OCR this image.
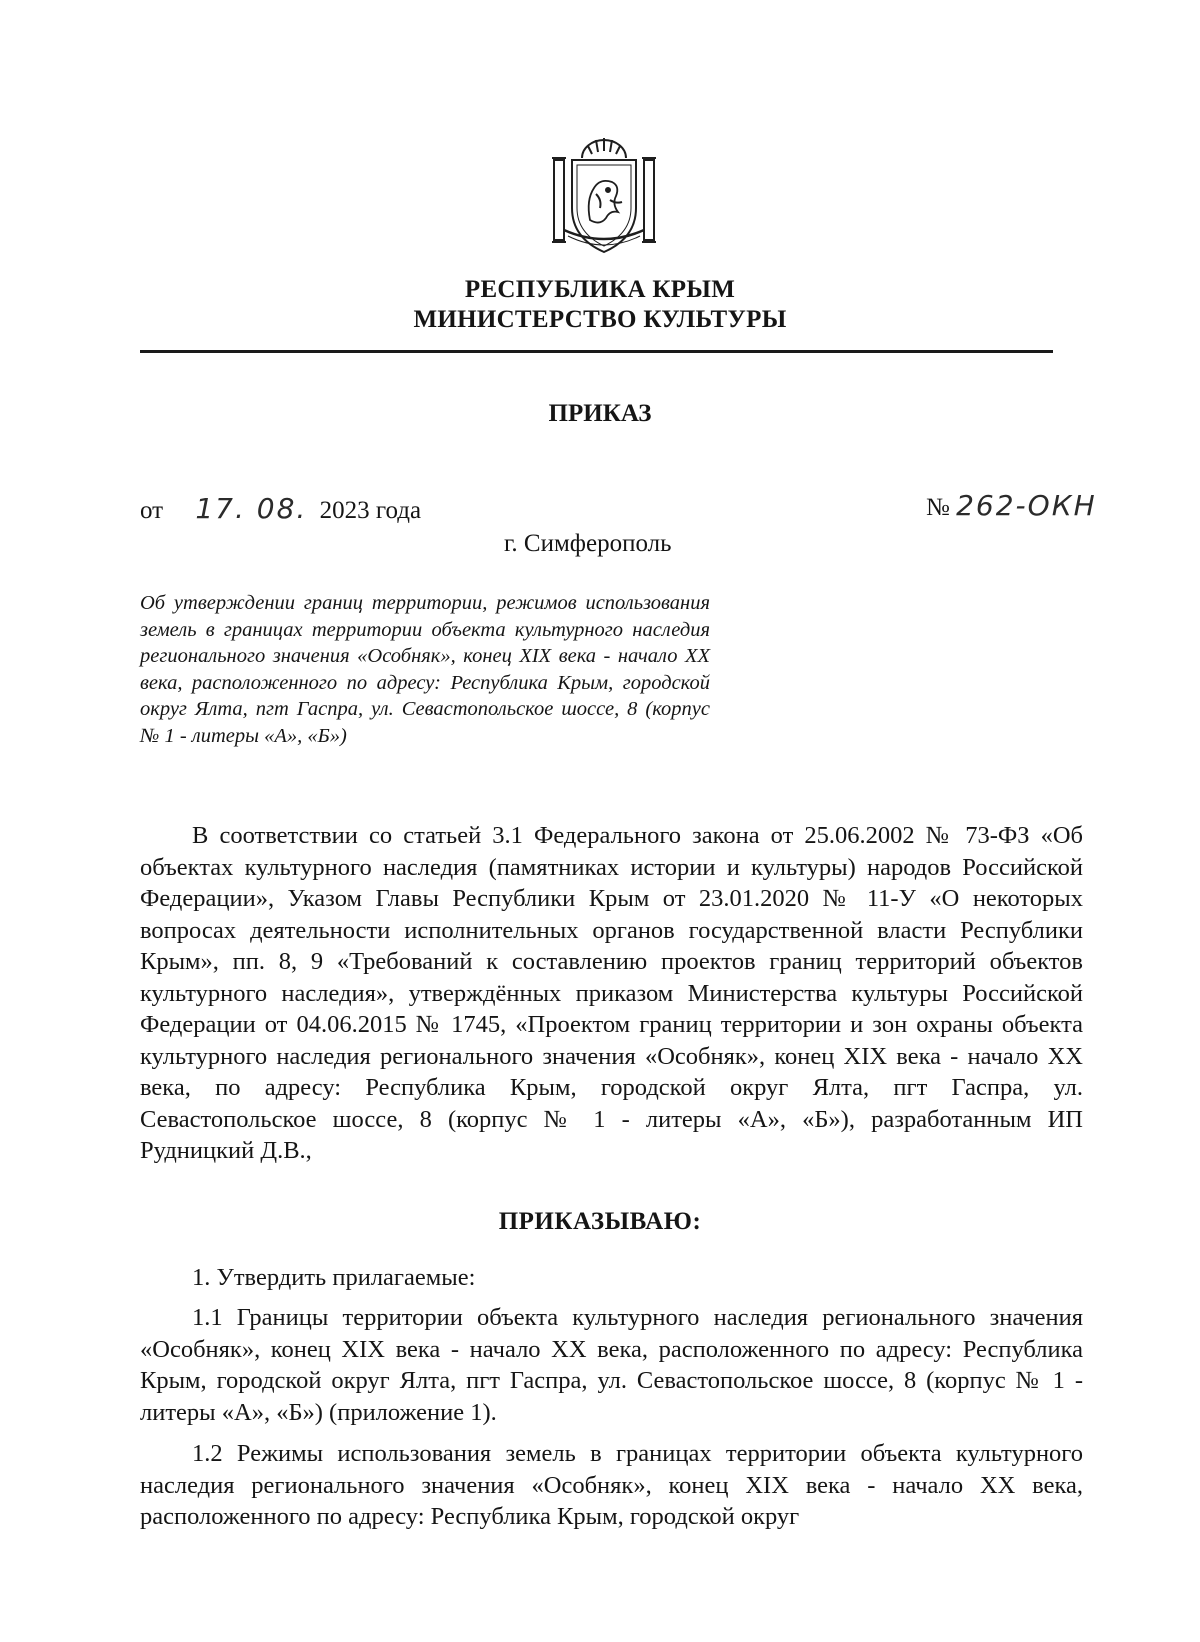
РЕСПУБЛИКА КРЫМ
МИНИСТЕРСТВО КУЛЬТУРЫ
ПРИКАЗ
от 17. 08. 2023 года	№ 262-ОКН
г. Симферополь
Об утверждении границ территории, режимов использования земель в границах территории объекта культурного наследия регионального значения «Особняк», конец XIX века - начало XX века, расположенного по адресу: Республика Крым, городской округ Ялта, пгт Гаспра, ул. Севастопольское шоссе, 8 (корпус № 1 - литеры «А», «Б»)

В соответствии со статьей 3.1 Федерального закона от 25.06.2002 № 73-ФЗ «Об объектах культурного наследия (памятниках истории и культуры) народов Российской Федерации», Указом Главы Республики Крым от 23.01.2020 № 11-У «О некоторых вопросах деятельности исполнительных органов государственной власти Республики Крым», пп. 8, 9 «Требований к составлению проектов границ территорий объектов культурного наследия», утверждённых приказом Министерства культуры Российской Федерации от 04.06.2015 № 1745, «Проектом границ территории и зон охраны объекта культурного наследия регионального значения «Особняк», конец XIX века - начало XX века, по адресу: Республика Крым, городской округ Ялта, пгт Гаспра, ул. Севастопольское шоссе, 8 (корпус № 1 - литеры «А», «Б»), разработанным ИП Рудницкий Д.В.,

ПРИКАЗЫВАЮ:
1. Утвердить прилагаемые:

1.1 Границы территории объекта культурного наследия регионального значения «Особняк», конец XIX века - начало XX века, расположенного по адресу: Республика Крым, городской округ Ялта, пгт Гаспра, ул. Севастопольское шоссе, 8 (корпус № 1 - литеры «А», «Б») (приложение 1).

1.2 Режимы использования земель в границах территории объекта культурного наследия регионального значения «Особняк», конец XIX века - начало XX века, расположенного по адресу: Республика Крым, городской округ
